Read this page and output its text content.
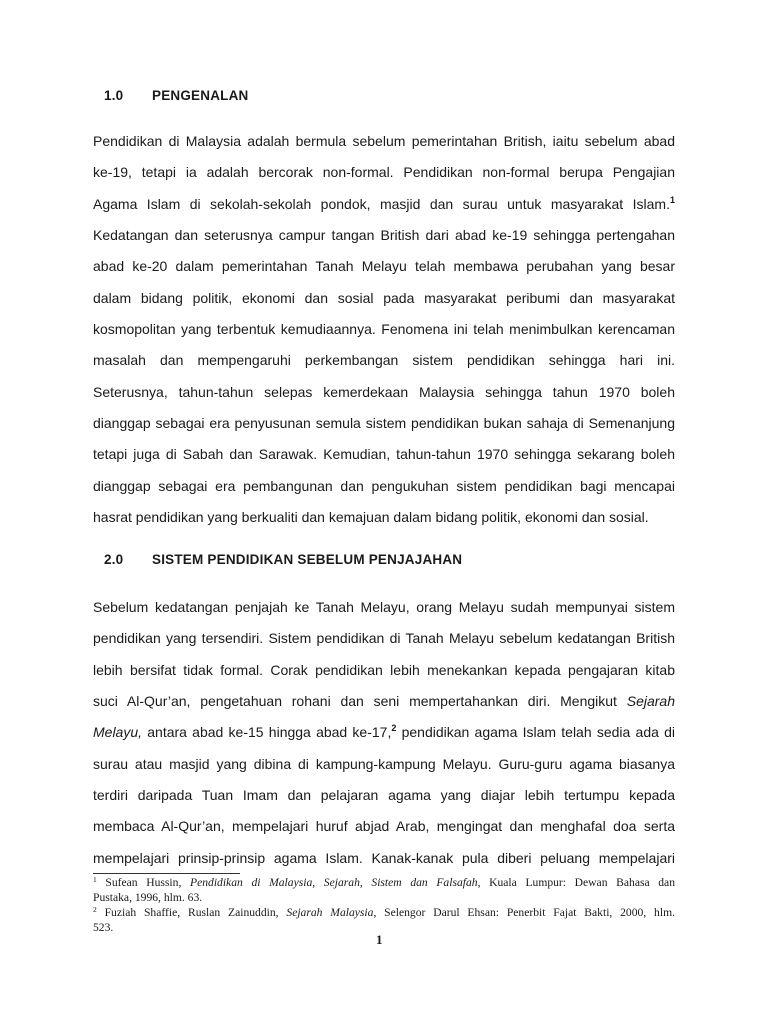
1.0 PENGENALAN
Pendidikan di Malaysia adalah bermula sebelum pemerintahan British, iaitu sebelum abad
ke-19, tetapi ia adalah bercorak non-formal. Pendidikan non-formal berupa Pengajian
Agama Islam di sekolah-sekolah pondok, masjid dan surau untuk masyarakat Islam.$^1$
Kedatangan dan seterusnya campur tangan British dari abad ke-19 sehingga pertengahan
abad ke-20 dalam pemerintahan Tanah Melayu telah membawa perubahan yang besar
dalam bidang politik, ekonomi dan sosial pada masyarakat peribumi dan masyarakat
kosmopolitan yang terbentuk kemudiaannya. Fenomena ini telah menimbulkan kerencaman
masalah dan mempengaruhi perkembangan sistem pendidikan sehingga hari ini.
Seterusnya, tahun-tahun selepas kemerdekaan Malaysia sehingga tahun 1970 boleh
dianggap sebagai era penyusunan semula sistem pendidikan bukan sahaja di Semenanjung
tetapi juga di Sabah dan Sarawak. Kemudian, tahun-tahun 1970 sehingga sekarang boleh
dianggap sebagai era pembangunan dan pengukuhan sistem pendidikan bagi mencapai
hasrat pendidikan yang berkualiti dan kemajuan dalam bidang politik, ekonomi dan sosial.
2.0 SISTEM PENDIDIKAN SEBELUM PENJAJAHAN
Sebelum kedatangan penjajah ke Tanah Melayu, orang Melayu sudah mempunyai sistem
pendidikan yang tersendiri. Sistem pendidikan di Tanah Melayu sebelum kedatangan British
lebih bersifat tidak formal. Corak pendidikan lebih menekankan kepada pengajaran kitab
suci Al-Qur’an, pengetahuan rohani dan seni mempertahankan diri. Mengikut Sejarah
Melayu, antara abad ke-15 hingga abad ke-17,$^2$ pendidikan agama Islam telah sedia ada di
surau atau masjid yang dibina di kampung-kampung Melayu. Guru-guru agama biasanya
terdiri daripada Tuan Imam dan pelajaran agama yang diajar lebih tertumpu kepada
membaca Al-Qur’an, mempelajari huruf abjad Arab, mengingat dan menghafal doa serta
mempelajari prinsip-prinsip agama Islam. Kanak-kanak pula diberi peluang mempelajari
$^1$ Sufean Hussin, Pendidikan di Malaysia, Sejarah, Sistem dan Falsafah, Kuala Lumpur: Dewan Bahasa dan
Pustaka, 1996, hlm. 63.
$^2$ Fuziah Shaffie, Ruslan Zainuddin, Sejarah Malaysia, Selengor Darul Ehsan: Penerbit Fajat Bakti, 2000, hlm.
523.
1
